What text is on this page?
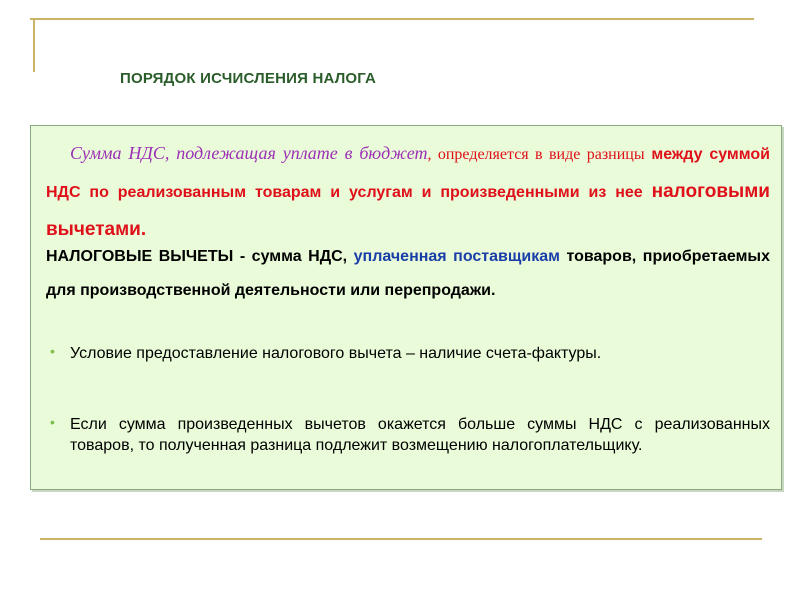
ПОРЯДОК ИСЧИСЛЕНИЯ НАЛОГА
Сумма НДС, подлежащая уплате в бюджет, определяется в виде разницы между суммой НДС по реализованным товарам и услугам и произведенными из нее налоговыми вычетами.
НАЛОГОВЫЕ ВЫЧЕТЫ - сумма НДС, уплаченная поставщикам товаров, приобретаемых для производственной деятельности или перепродажи.
• Условие предоставление налогового вычета – наличие счета-фактуры.
• Если сумма произведенных вычетов окажется больше суммы НДС с реализованных товаров, то полученная разница подлежит возмещению налогоплательщику.
